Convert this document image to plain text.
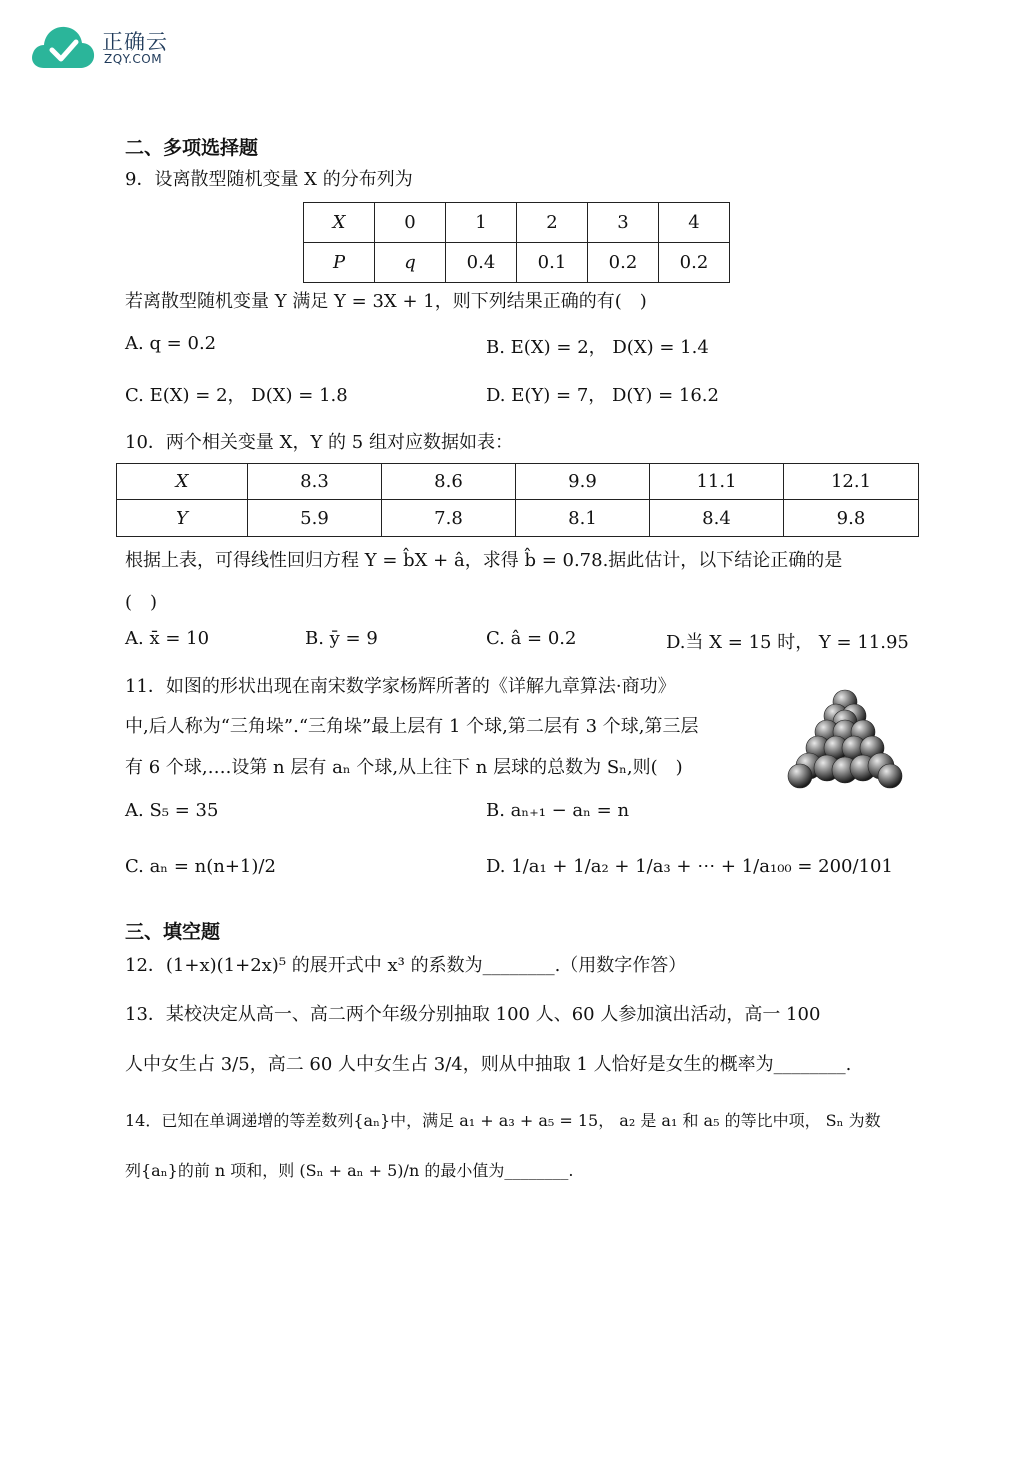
正确云
ZQY.COM
二、多项选择题
9．设离散型随机变量 X 的分布列为
X	0	1	2	3	4
P	q	0.4	0.1	0.2	0.2
若离散型随机变量 Y 满足 Y = 3X + 1，则下列结果正确的有(　)
A. q = 0.2	B. E(X) = 2， D(X) = 1.4
C. E(X) = 2， D(X) = 1.8	D. E(Y) = 7， D(Y) = 16.2
10．两个相关变量 X，Y 的 5 组对应数据如表：
X	8.3	8.6	9.9	11.1	12.1
Y	5.9	7.8	8.1	8.4	9.8
根据上表，可得线性回归方程 Y = b̂X + â，求得 b̂ = 0.78.据此估计，以下结论正确的是
(　)
A. x̄ = 10	B. ȳ = 9	C. â = 0.2	D.当 X = 15 时， Y = 11.95
11．如图的形状出现在南宋数学家杨辉所著的《详解九章算法·商功》
中,后人称为“三角垛”.“三角垛”最上层有 1 个球,第二层有 3 个球,第三层
有 6 个球,….设第 n 层有 aₙ 个球,从上往下 n 层球的总数为 Sₙ,则(　)
A. S₅ = 35	B. aₙ₊₁ − aₙ = n
C. aₙ = n(n+1)/2	D. 1/a₁ + 1/a₂ + 1/a₃ + ⋯ + 1/a₁₀₀ = 200/101
三、填空题
12．(1+x)(1+2x)⁵ 的展开式中 x³ 的系数为________.（用数字作答）
13．某校决定从高一、高二两个年级分别抽取 100 人、60 人参加演出活动，高一 100
人中女生占 3/5，高二 60 人中女生占 3/4，则从中抽取 1 人恰好是女生的概率为________.
14．已知在单调递增的等差数列{aₙ}中，满足 a₁ + a₃ + a₅ = 15， a₂ 是 a₁ 和 a₅ 的等比中项， Sₙ 为数
列{aₙ}的前 n 项和，则 (Sₙ + aₙ + 5)/n 的最小值为________.
